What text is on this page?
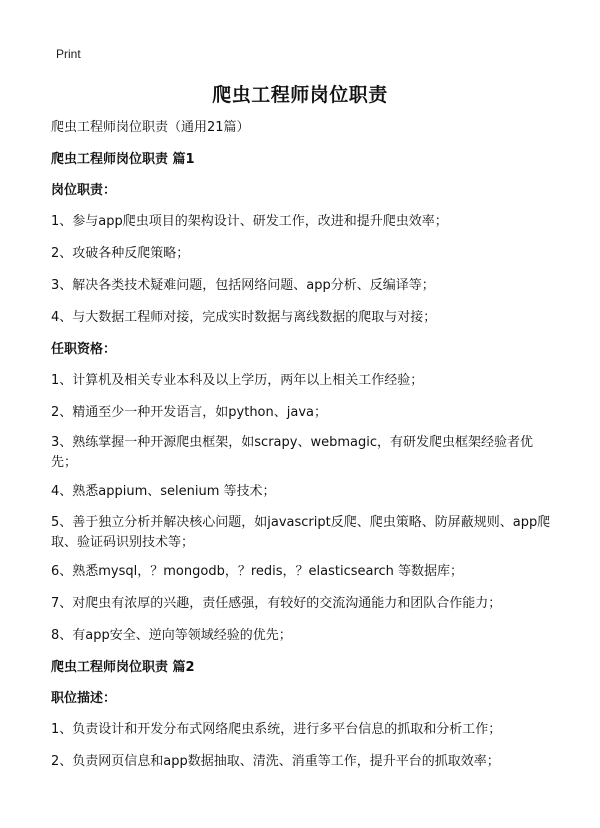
Print
爬虫工程师岗位职责
爬虫工程师岗位职责（通用21篇）
爬虫工程师岗位职责 篇1
岗位职责：
1、参与app爬虫项目的架构设计、研发工作，改进和提升爬虫效率；
2、攻破各种反爬策略；
3、解决各类技术疑难问题，包括网络问题、app分析、反编译等；
4、与大数据工程师对接，完成实时数据与离线数据的爬取与对接；
任职资格：
1、计算机及相关专业本科及以上学历，两年以上相关工作经验；
2、精通至少一种开发语言，如python、java；
3、熟练掌握一种开源爬虫框架，如scrapy、webmagic，有研发爬虫框架经验者优先；
4、熟悉appium、selenium 等技术；
5、善于独立分析并解决核心问题，如javascript反爬、爬虫策略、防屏蔽规则、app爬取、验证码识别技术等；
6、熟悉mysql，？mongodb，？redis，？elasticsearch 等数据库；
7、对爬虫有浓厚的兴趣，责任感强，有较好的交流沟通能力和团队合作能力；
8、有app安全、逆向等领域经验的优先；
爬虫工程师岗位职责 篇2
职位描述：
1、负责设计和开发分布式网络爬虫系统，进行多平台信息的抓取和分析工作；
2、负责网页信息和app数据抽取、清洗、消重等工作，提升平台的抓取效率；
